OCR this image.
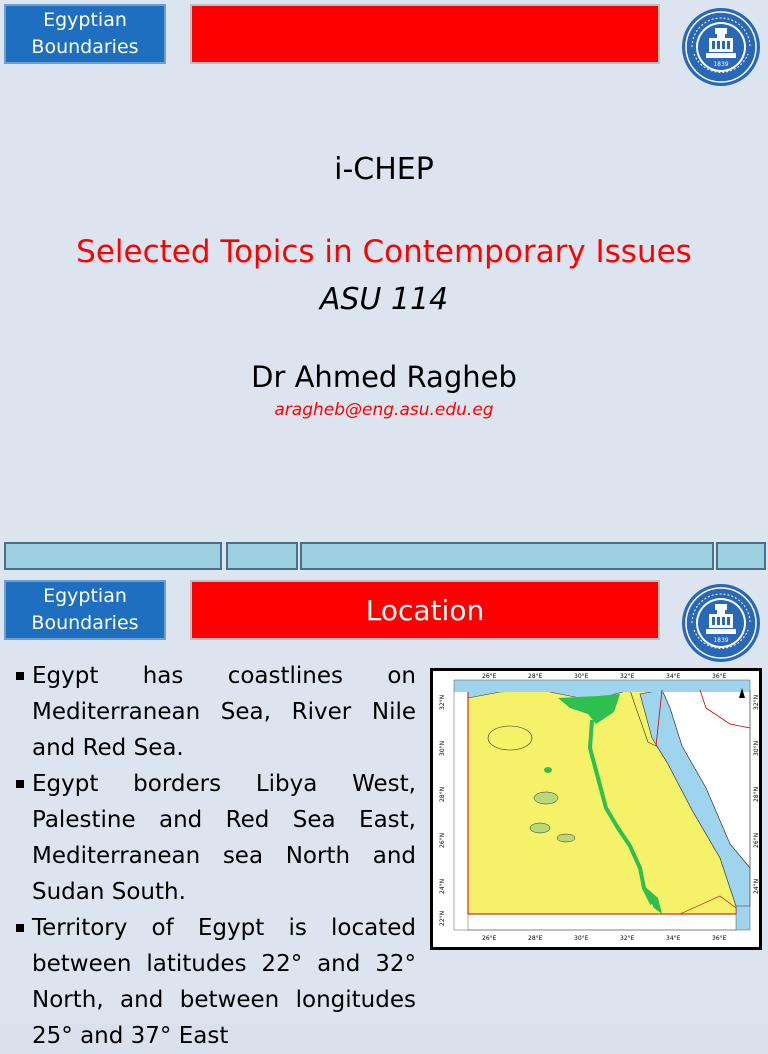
Egyptian
Boundaries
1839
i-CHEP
Selected Topics in Contemporary Issues
ASU 114
Dr Ahmed Ragheb
aragheb@eng.asu.edu.eg
Egyptian
Boundaries	Location
1839
Egypt has coastlines on Mediterranean Sea, River Nile and Red Sea.
Egypt borders Libya West, Palestine and Red Sea East, Mediterranean sea North and Sudan South.
Territory of Egypt is located between latitudes 22° and 32° North, and between longitudes 25° and 37° East
26°E	28°E	30°E	32°E	34°E	36°E
26°E	28°E	30°E	32°E	34°E	36°E
32°N
30°N
28°N
26°N
24°N
22°N
32°N
30°N
28°N
26°N
24°N
